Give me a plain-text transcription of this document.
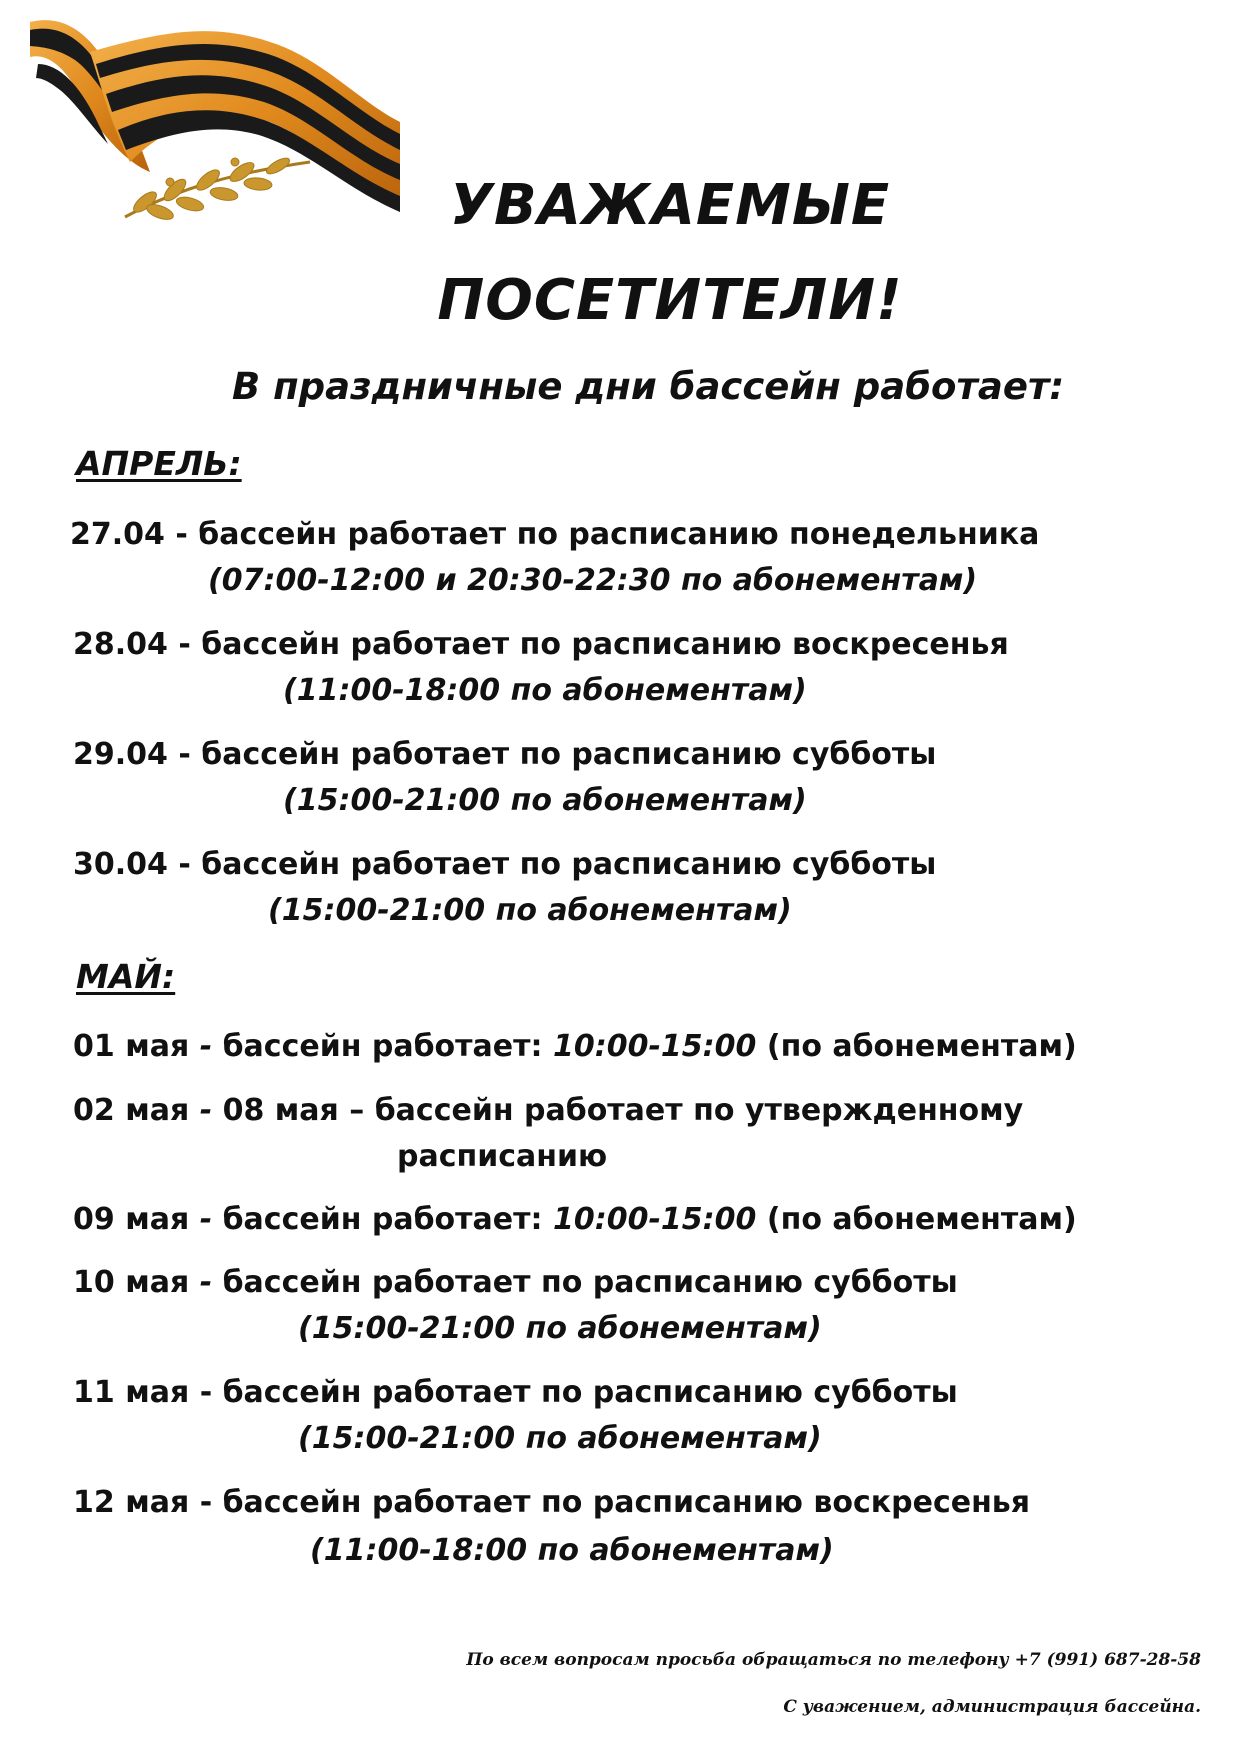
УВАЖАЕМЫЕ
ПОСЕТИТЕЛИ!
В праздничные дни бассейн работает:
АПРЕЛЬ:
27.04 - бассейн работает по расписанию понедельника
(07:00-12:00 и 20:30-22:30 по абонементам)
28.04 - бассейн работает по расписанию воскресенья
(11:00-18:00 по абонементам)
29.04 - бассейн работает по расписанию субботы
(15:00-21:00 по абонементам)
30.04 - бассейн работает по расписанию субботы
(15:00-21:00 по абонементам)
МАЙ:
01 мая - бассейн работает: 10:00-15:00 (по абонементам)
02 мая - 08 мая – бассейн работает по утвержденному
расписанию
09 мая - бассейн работает: 10:00-15:00 (по абонементам)
10 мая - бассейн работает по расписанию субботы
(15:00-21:00 по абонементам)
11 мая - бассейн работает по расписанию субботы
(15:00-21:00 по абонементам)
12 мая - бассейн работает по расписанию воскресенья
(11:00-18:00 по абонементам)
По всем вопросам просьба обращаться по телефону +7 (991) 687-28-58
С уважением, администрация бассейна.
